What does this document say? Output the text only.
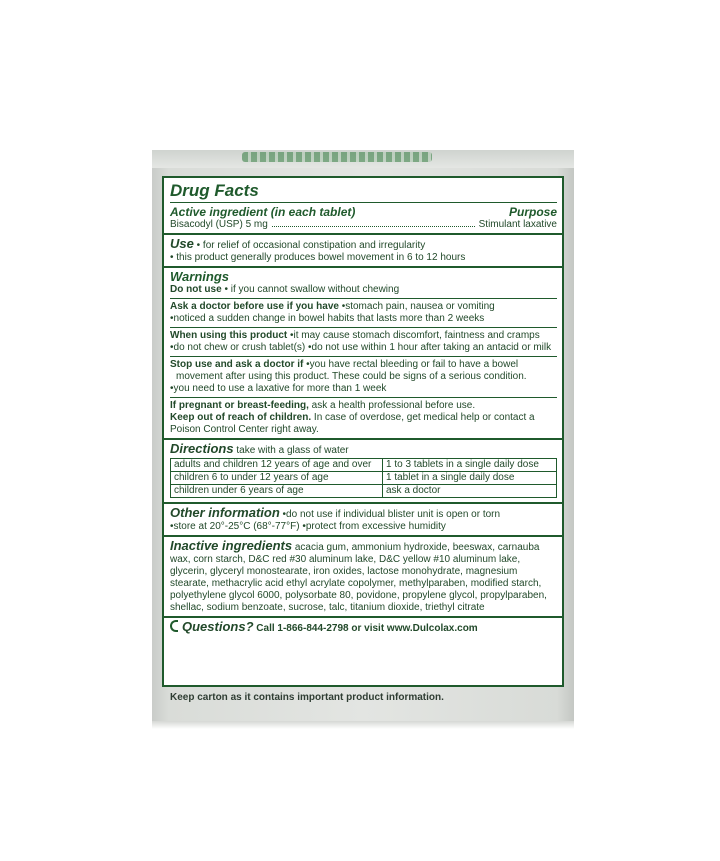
Drug Facts
Active ingredient (in each tablet)	Purpose
Bisacodyl (USP) 5 mg	Stimulant laxative
Use • for relief of occasional constipation and irregularity
• this product generally produces bowel movement in 6 to 12 hours
Warnings
Do not use • if you cannot swallow without chewing
Ask a doctor before use if you have •stomach pain, nausea or vomiting
•noticed a sudden change in bowel habits that lasts more than 2 weeks
When using this product •it may cause stomach discomfort, faintness and cramps
•do not chew or crush tablet(s) •do not use within 1 hour after taking an antacid or milk
Stop use and ask a doctor if •you have rectal bleeding or fail to have a bowel
movement after using this product. These could be signs of a serious condition.
•you need to use a laxative for more than 1 week
If pregnant or breast-feeding, ask a health professional before use.
Keep out of reach of children. In case of overdose, get medical help or contact a Poison Control Center right away.
Directions take with a glass of water
adults and children 12 years of age and over	1 to 3 tablets in a single daily dose
children 6 to under 12 years of age	1 tablet in a single daily dose
children under 6 years of age	ask a doctor
Other information •do not use if individual blister unit is open or torn
•store at 20°-25°C (68°-77°F) •protect from excessive humidity
Inactive ingredients acacia gum, ammonium hydroxide, beeswax, carnauba wax, corn starch, D&C red #30 aluminum lake, D&C yellow #10 aluminum lake, glycerin, glyceryl monostearate, iron oxides, lactose monohydrate, magnesium stearate, methacrylic acid ethyl acrylate copolymer, methylparaben, modified starch, polyethylene glycol 6000, polysorbate 80, povidone, propylene glycol, propylparaben, shellac, sodium benzoate, sucrose, talc, titanium dioxide, triethyl citrate
Questions? Call 1-866-844-2798 or visit www.Dulcolax.com
Keep carton as it contains important product information.
